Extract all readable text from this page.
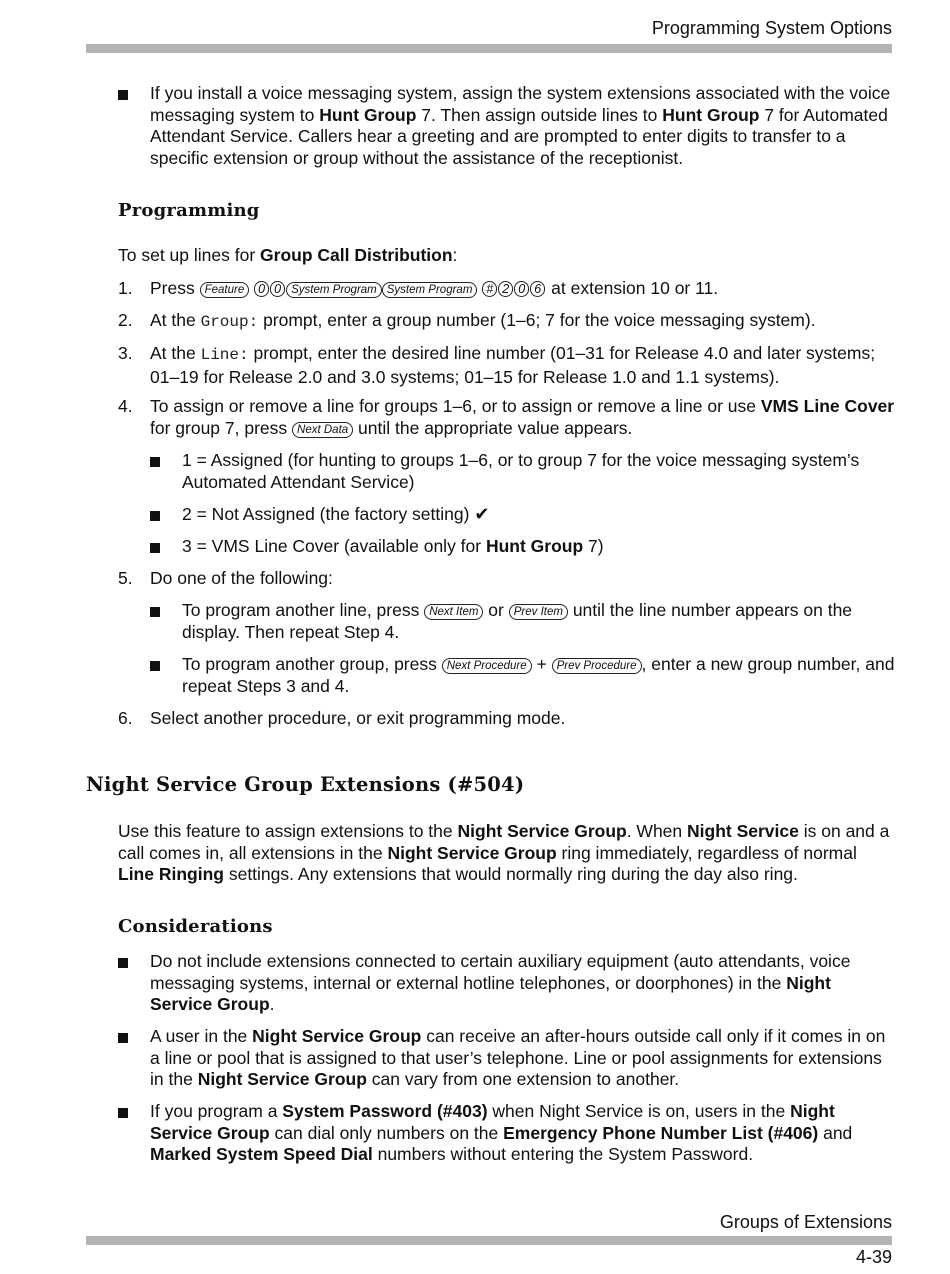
Programming System Options
If you install a voice messaging system, assign the system extensions associated with the voice messaging system to Hunt Group 7. Then assign outside lines to Hunt Group 7 for Automated Attendant Service. Callers hear a greeting and are prompted to enter digits to transfer to a specific extension or group without the assistance of the receptionist.
Programming
To set up lines for Group Call Distribution:
1. Press Feature 0 0 System Program System Program # 2 0 6 at extension 10 or 11.
2. At the Group: prompt, enter a group number (1–6; 7 for the voice messaging system).
3. At the Line: prompt, enter the desired line number (01–31 for Release 4.0 and later systems; 01–19 for Release 2.0 and 3.0 systems; 01–15 for Release 1.0 and 1.1 systems).
4. To assign or remove a line for groups 1–6, or to assign or remove a line or use VMS Line Cover for group 7, press Next Data until the appropriate value appears.
1 = Assigned (for hunting to groups 1–6, or to group 7 for the voice messaging system’s Automated Attendant Service)
2 = Not Assigned (the factory setting) ✔
3 = VMS Line Cover (available only for Hunt Group 7)
5. Do one of the following:
To program another line, press Next Item or Prev Item until the line number appears on the display. Then repeat Step 4.
To program another group, press Next Procedure + Prev Procedure , enter a new group number, and repeat Steps 3 and 4.
6. Select another procedure, or exit programming mode.
Night Service Group Extensions (#504)
Use this feature to assign extensions to the Night Service Group. When Night Service is on and a call comes in, all extensions in the Night Service Group ring immediately, regardless of normal Line Ringing settings. Any extensions that would normally ring during the day also ring.
Considerations
Do not include extensions connected to certain auxiliary equipment (auto attendants, voice messaging systems, internal or external hotline telephones, or doorphones) in the Night Service Group.
A user in the Night Service Group can receive an after-hours outside call only if it comes in on a line or pool that is assigned to that user’s telephone. Line or pool assignments for extensions in the Night Service Group can vary from one extension to another.
If you program a System Password (#403) when Night Service is on, users in the Night Service Group can dial only numbers on the Emergency Phone Number List (#406) and Marked System Speed Dial numbers without entering the System Password.
Groups of Extensions
4-39
